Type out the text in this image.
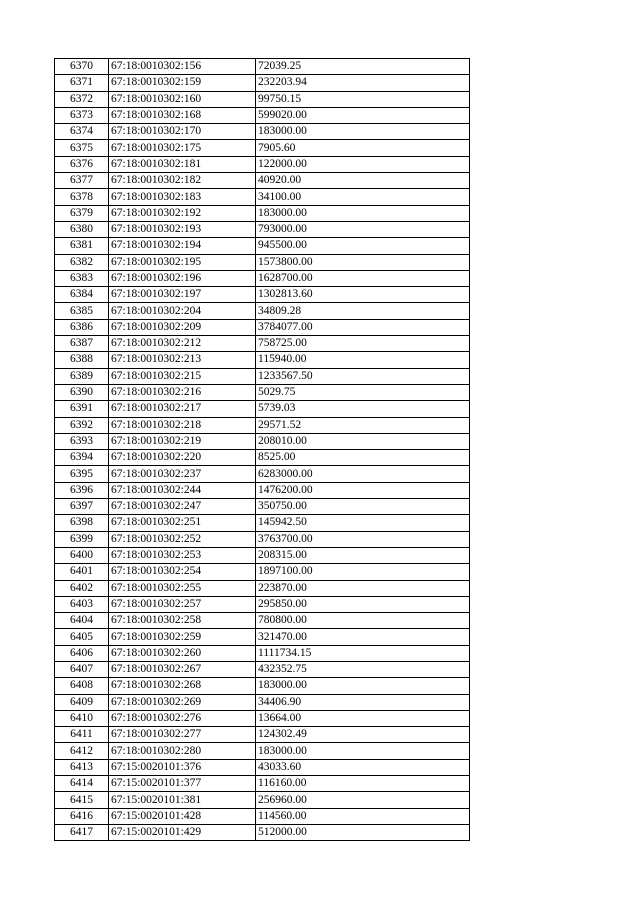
6370	67:18:0010302:156	72039.25
6371	67:18:0010302:159	232203.94
6372	67:18:0010302:160	99750.15
6373	67:18:0010302:168	599020.00
6374	67:18:0010302:170	183000.00
6375	67:18:0010302:175	7905.60
6376	67:18:0010302:181	122000.00
6377	67:18:0010302:182	40920.00
6378	67:18:0010302:183	34100.00
6379	67:18:0010302:192	183000.00
6380	67:18:0010302:193	793000.00
6381	67:18:0010302:194	945500.00
6382	67:18:0010302:195	1573800.00
6383	67:18:0010302:196	1628700.00
6384	67:18:0010302:197	1302813.60
6385	67:18:0010302:204	34809.28
6386	67:18:0010302:209	3784077.00
6387	67:18:0010302:212	758725.00
6388	67:18:0010302:213	115940.00
6389	67:18:0010302:215	1233567.50
6390	67:18:0010302:216	5029.75
6391	67:18:0010302:217	5739.03
6392	67:18:0010302:218	29571.52
6393	67:18:0010302:219	208010.00
6394	67:18:0010302:220	8525.00
6395	67:18:0010302:237	6283000.00
6396	67:18:0010302:244	1476200.00
6397	67:18:0010302:247	350750.00
6398	67:18:0010302:251	145942.50
6399	67:18:0010302:252	3763700.00
6400	67:18:0010302:253	208315.00
6401	67:18:0010302:254	1897100.00
6402	67:18:0010302:255	223870.00
6403	67:18:0010302:257	295850.00
6404	67:18:0010302:258	780800.00
6405	67:18:0010302:259	321470.00
6406	67:18:0010302:260	1111734.15
6407	67:18:0010302:267	432352.75
6408	67:18:0010302:268	183000.00
6409	67:18:0010302:269	34406.90
6410	67:18:0010302:276	13664.00
6411	67:18:0010302:277	124302.49
6412	67:18:0010302:280	183000.00
6413	67:15:0020101:376	43033.60
6414	67:15:0020101:377	116160.00
6415	67:15:0020101:381	256960.00
6416	67:15:0020101:428	114560.00
6417	67:15:0020101:429	512000.00
